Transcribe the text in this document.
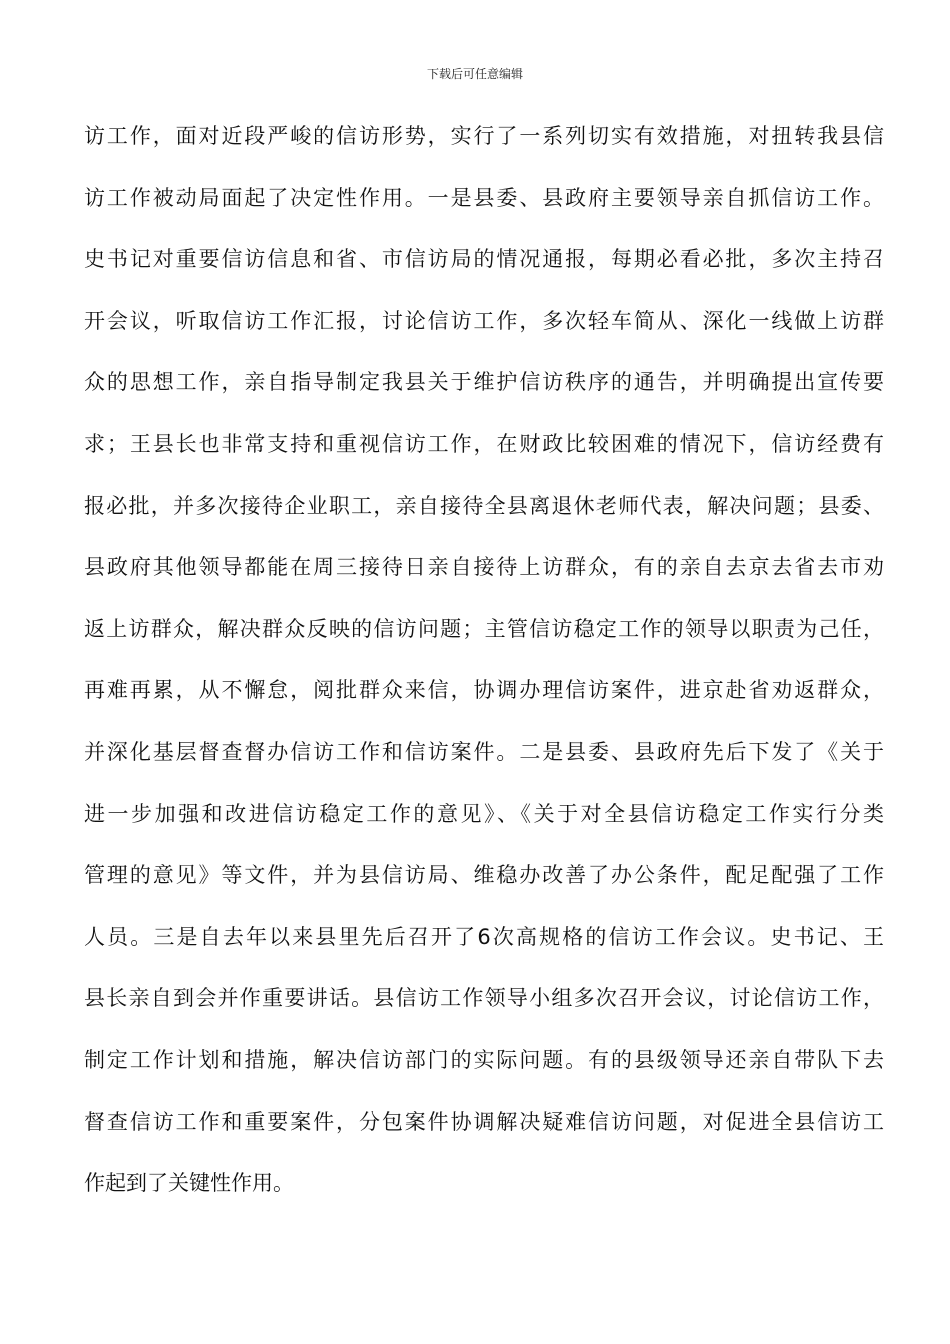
下载后可任意编辑
访工作，面对近段严峻的信访形势，实行了一系列切实有效措施，对扭转我县信
访工作被动局面起了决定性作用。一是县委、县政府主要领导亲自抓信访工作。
史书记对重要信访信息和省、市信访局的情况通报，每期必看必批，多次主持召
开会议，听取信访工作汇报，讨论信访工作，多次轻车简从、深化一线做上访群
众的思想工作，亲自指导制定我县关于维护信访秩序的通告，并明确提出宣传要
求；王县长也非常支持和重视信访工作，在财政比较困难的情况下，信访经费有
报必批，并多次接待企业职工，亲自接待全县离退休老师代表，解决问题；县委、
县政府其他领导都能在周三接待日亲自接待上访群众，有的亲自去京去省去市劝
返上访群众，解决群众反映的信访问题；主管信访稳定工作的领导以职责为己任，
再难再累，从不懈怠，阅批群众来信，协调办理信访案件，进京赴省劝返群众，
并深化基层督查督办信访工作和信访案件。二是县委、县政府先后下发了《关于
进一步加强和改进信访稳定工作的意见》、《关于对全县信访稳定工作实行分类
管理的意见》等文件，并为县信访局、维稳办改善了办公条件，配足配强了工作
人员。三是自去年以来县里先后召开了6次高规格的信访工作会议。史书记、王
县长亲自到会并作重要讲话。县信访工作领导小组多次召开会议，讨论信访工作，
制定工作计划和措施，解决信访部门的实际问题。有的县级领导还亲自带队下去
督查信访工作和重要案件，分包案件协调解决疑难信访问题，对促进全县信访工
作起到了关键性作用。
